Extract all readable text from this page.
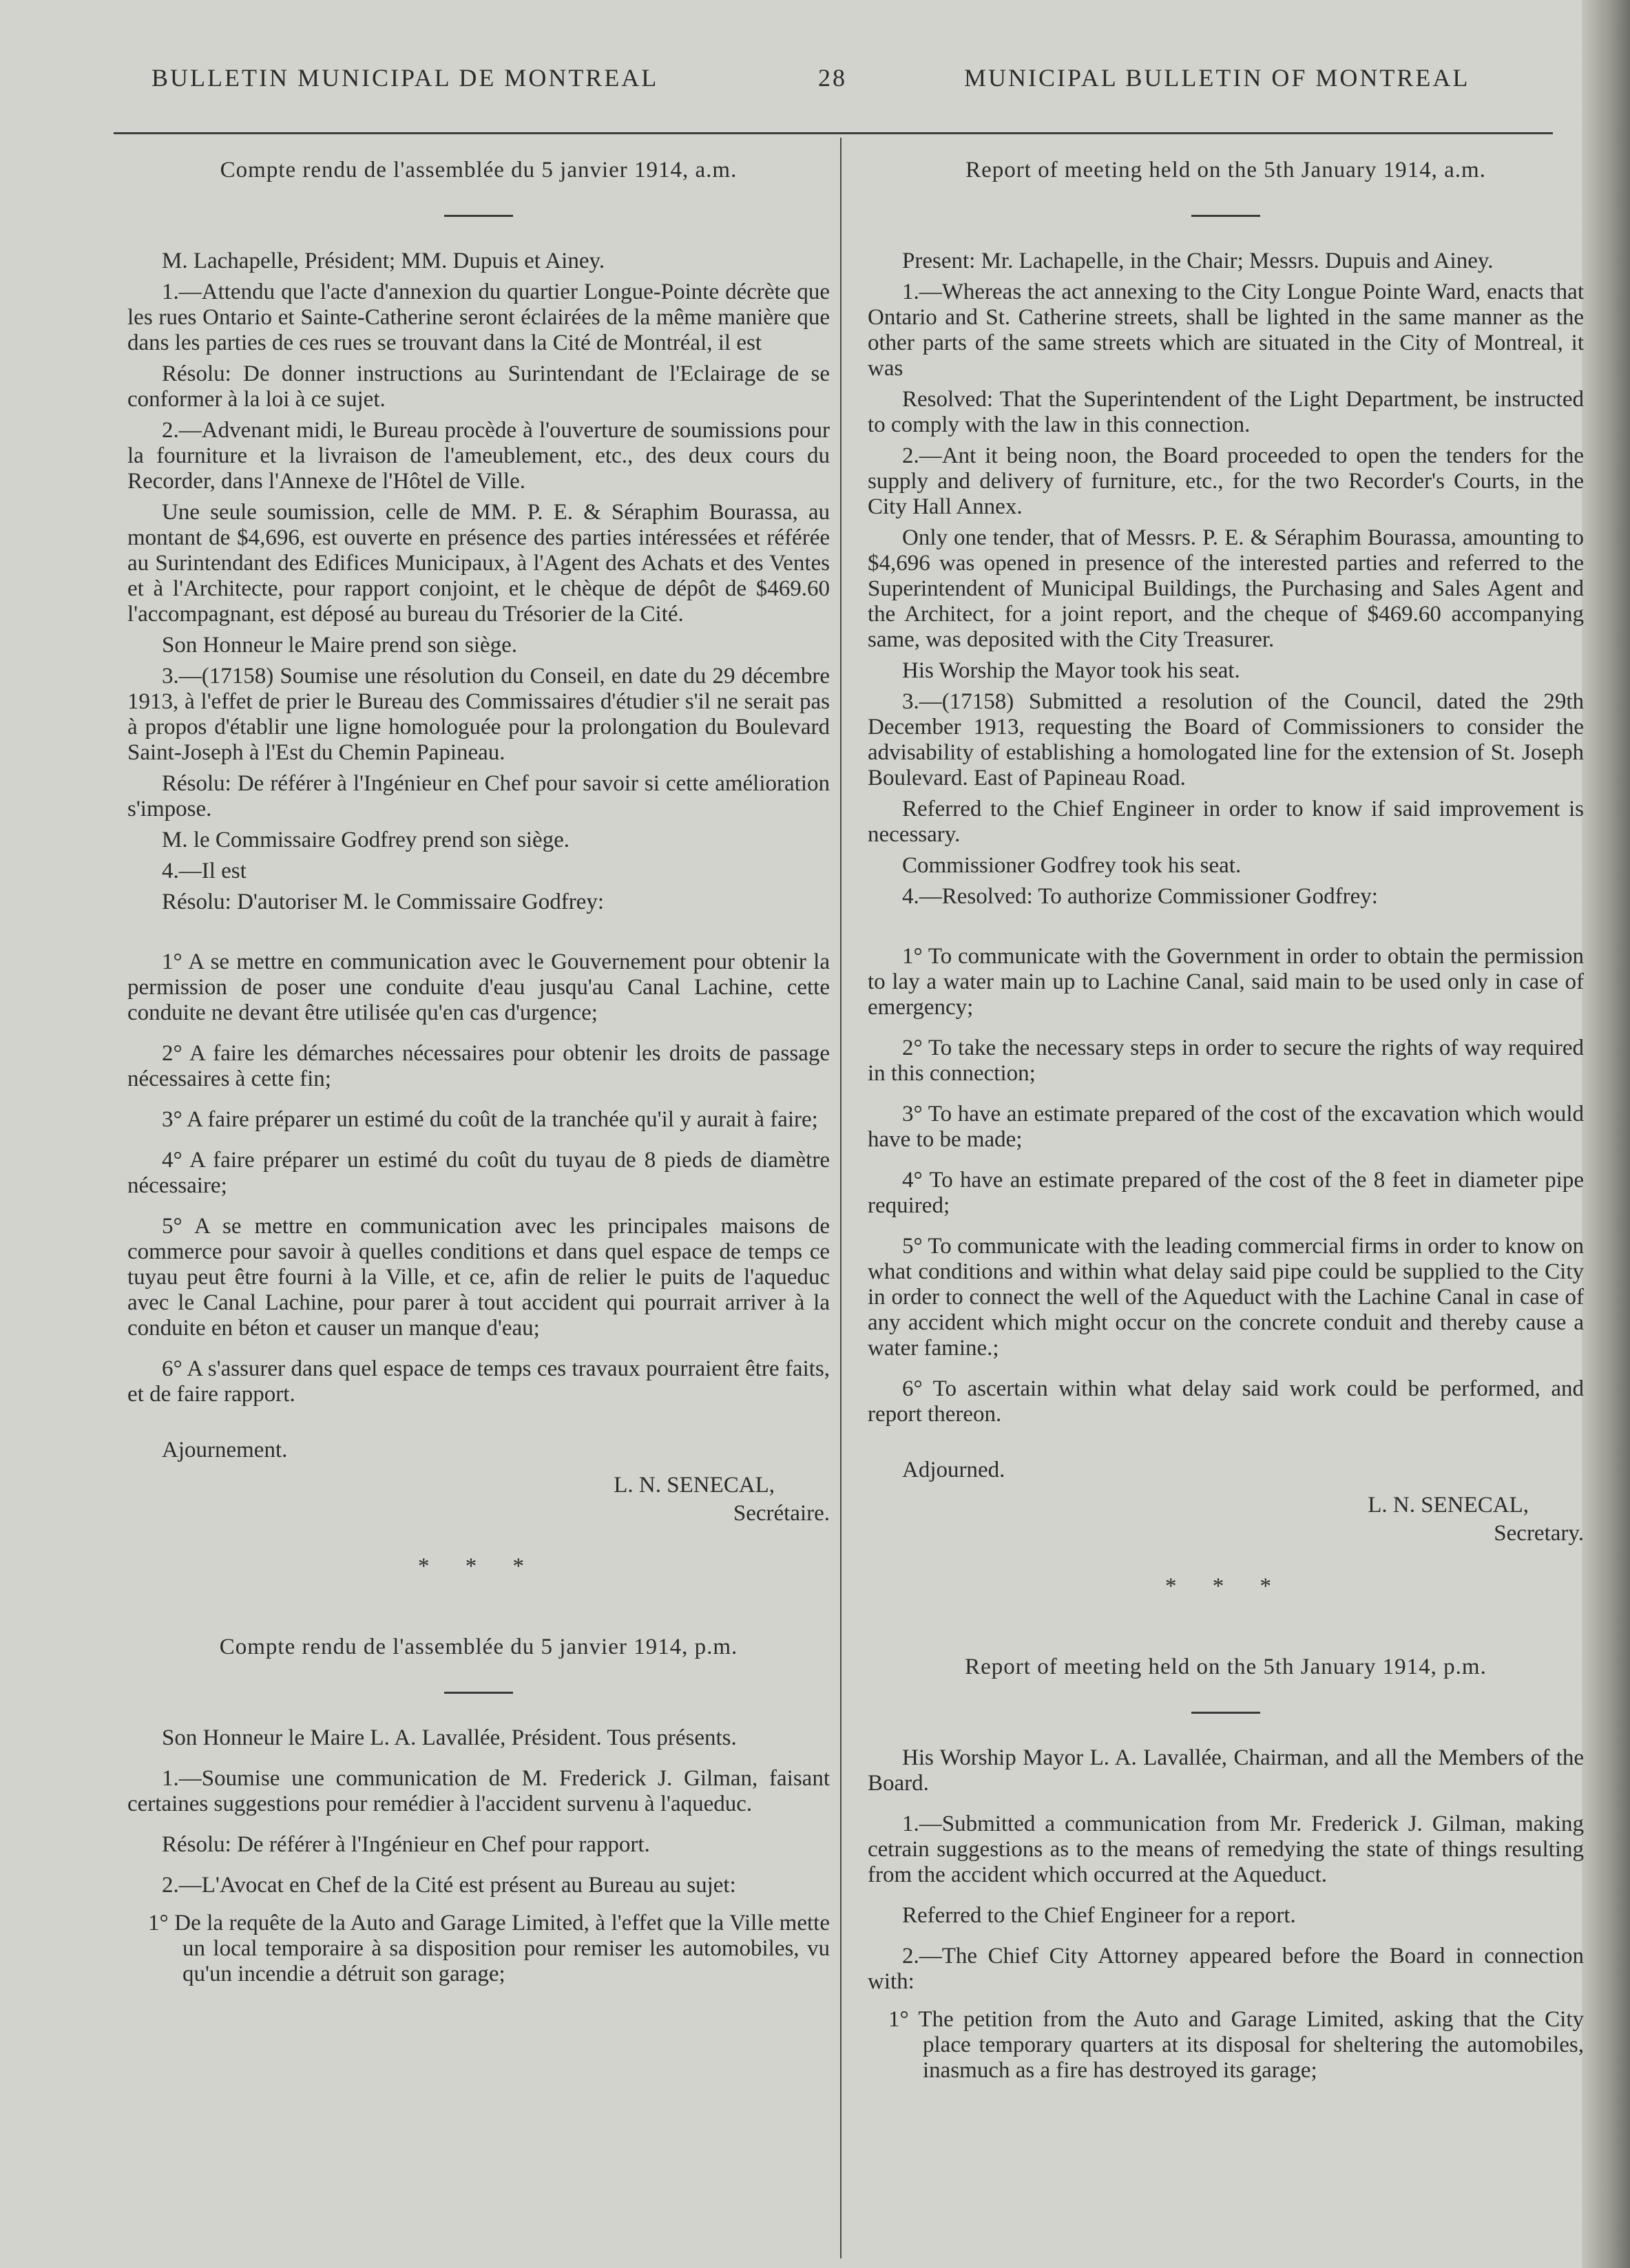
BULLETIN MUNICIPAL DE MONTREAL	28	MUNICIPAL BULLETIN OF MONTREAL

Compte rendu de l'assemblée du 5 janvier 1914, a.m.

M. Lachapelle, Président; MM. Dupuis et Ainey.

1.—Attendu que l'acte d'annexion du quartier Longue-Pointe décrète que les rues Ontario et Sainte-Catherine seront éclairées de la même manière que dans les parties de ces rues se trouvant dans la Cité de Montréal, il est

Résolu: De donner instructions au Surintendant de l'Eclairage de se conformer à la loi à ce sujet.

2.—Advenant midi, le Bureau procède à l'ouverture de soumissions pour la fourniture et la livraison de l'ameublement, etc., des deux cours du Recorder, dans l'Annexe de l'Hôtel de Ville.

Une seule soumission, celle de MM. P. E. & Séraphim Bourassa, au montant de $4,696, est ouverte en présence des parties intéressées et référée au Surintendant des Edifices Municipaux, à l'Agent des Achats et des Ventes et à l'Architecte, pour rapport conjoint, et le chèque de dépôt de $469.60 l'accompagnant, est déposé au bureau du Trésorier de la Cité.

Son Honneur le Maire prend son siège.

3.—(17158) Soumise une résolution du Conseil, en date du 29 décembre 1913, à l'effet de prier le Bureau des Commissaires d'étudier s'il ne serait pas à propos d'établir une ligne homologuée pour la prolongation du Boulevard Saint-Joseph à l'Est du Chemin Papineau.

Résolu: De référer à l'Ingénieur en Chef pour savoir si cette amélioration s'impose.

M. le Commissaire Godfrey prend son siège.

4.—Il est

Résolu: D'autoriser M. le Commissaire Godfrey:

1° A se mettre en communication avec le Gouvernement pour obtenir la permission de poser une conduite d'eau jusqu'au Canal Lachine, cette conduite ne devant être utilisée qu'en cas d'urgence;

2° A faire les démarches nécessaires pour obtenir les droits de passage nécessaires à cette fin;

3° A faire préparer un estimé du coût de la tranchée qu'il y aurait à faire;

4° A faire préparer un estimé du coût du tuyau de 8 pieds de diamètre nécessaire;

5° A se mettre en communication avec les principales maisons de commerce pour savoir à quelles conditions et dans quel espace de temps ce tuyau peut être fourni à la Ville, et ce, afin de relier le puits de l'aqueduc avec le Canal Lachine, pour parer à tout accident qui pourrait arriver à la conduite en béton et causer un manque d'eau;

6° A s'assurer dans quel espace de temps ces travaux pourraient être faits, et de faire rapport.

Ajournement.

L. N. SENECAL,

Secrétaire.

* * *

Compte rendu de l'assemblée du 5 janvier 1914, p.m.

Son Honneur le Maire L. A. Lavallée, Président. Tous présents.

1.—Soumise une communication de M. Frederick J. Gilman, faisant certaines suggestions pour remédier à l'accident survenu à l'aqueduc.

Résolu: De référer à l'Ingénieur en Chef pour rapport.

2.—L'Avocat en Chef de la Cité est présent au Bureau au sujet:

1° De la requête de la Auto and Garage Limited, à l'effet que la Ville mette un local temporaire à sa disposition pour remiser les automobiles, vu qu'un incendie a détruit son garage;

Report of meeting held on the 5th January 1914, a.m.

Present: Mr. Lachapelle, in the Chair; Messrs. Dupuis and Ainey.

1.—Whereas the act annexing to the City Longue Pointe Ward, enacts that Ontario and St. Catherine streets, shall be lighted in the same manner as the other parts of the same streets which are situated in the City of Montreal, it was

Resolved: That the Superintendent of the Light Department, be instructed to comply with the law in this connection.

2.—Ant it being noon, the Board proceeded to open the tenders for the supply and delivery of furniture, etc., for the two Recorder's Courts, in the City Hall Annex.

Only one tender, that of Messrs. P. E. & Séraphim Bourassa, amounting to $4,696 was opened in presence of the interested parties and referred to the Superintendent of Municipal Buildings, the Purchasing and Sales Agent and the Architect, for a joint report, and the cheque of $469.60 accompanying same, was deposited with the City Treasurer.

His Worship the Mayor took his seat.

3.—(17158) Submitted a resolution of the Council, dated the 29th December 1913, requesting the Board of Commissioners to consider the advisability of establishing a homologated line for the extension of St. Joseph Boulevard. East of Papineau Road.

Referred to the Chief Engineer in order to know if said improvement is necessary.

Commissioner Godfrey took his seat.

4.—Resolved: To authorize Commissioner Godfrey:

1° To communicate with the Government in order to obtain the permission to lay a water main up to Lachine Canal, said main to be used only in case of emergency;

2° To take the necessary steps in order to secure the rights of way required in this connection;

3° To have an estimate prepared of the cost of the excavation which would have to be made;

4° To have an estimate prepared of the cost of the 8 feet in diameter pipe required;

5° To communicate with the leading commercial firms in order to know on what conditions and within what delay said pipe could be supplied to the City in order to connect the well of the Aqueduct with the Lachine Canal in case of any accident which might occur on the concrete conduit and thereby cause a water famine.;

6° To ascertain within what delay said work could be performed, and report thereon.

Adjourned.

L. N. SENECAL,

Secretary.

* * *

Report of meeting held on the 5th January 1914, p.m.

His Worship Mayor L. A. Lavallée, Chairman, and all the Members of the Board.

1.—Submitted a communication from Mr. Frederick J. Gilman, making cetrain suggestions as to the means of remedying the state of things resulting from the accident which occurred at the Aqueduct.

Referred to the Chief Engineer for a report.

2.—The Chief City Attorney appeared before the Board in connection with:

1° The petition from the Auto and Garage Limited, asking that the City place temporary quarters at its disposal for sheltering the automobiles, inasmuch as a fire has destroyed its garage;
